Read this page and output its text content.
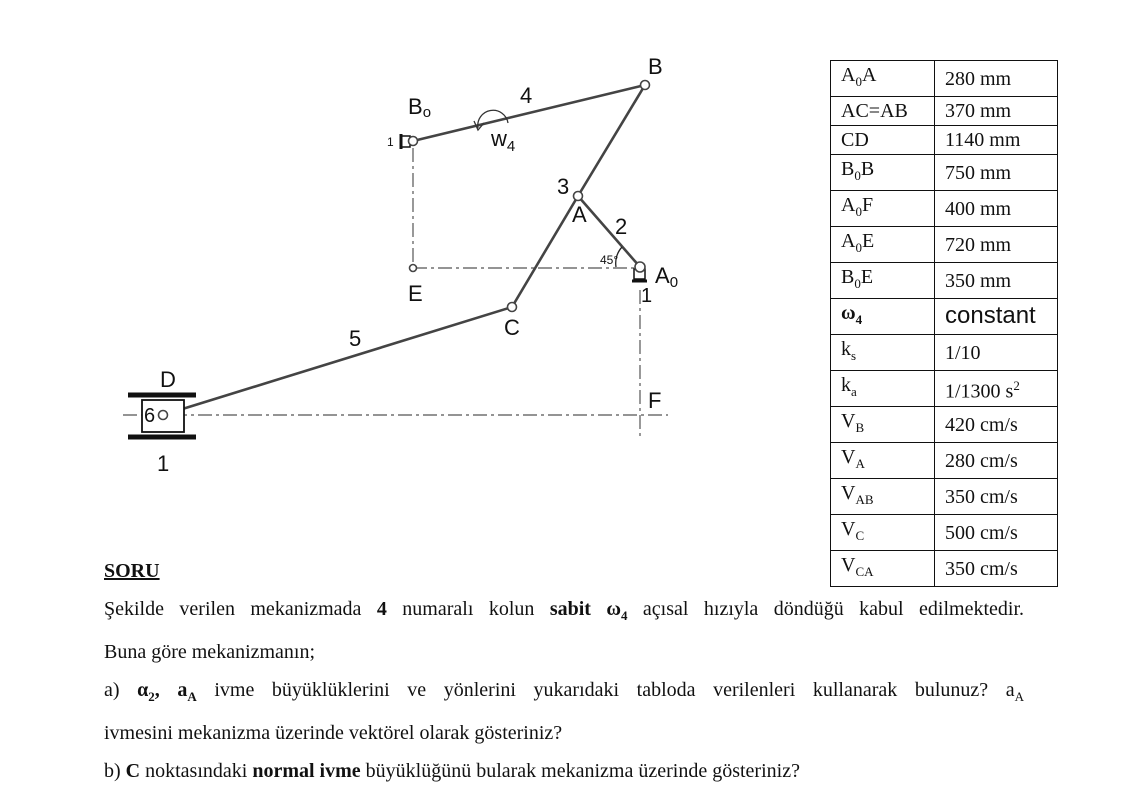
B
Bo
4
$w_4$
1
3
A 2
45°
A0
1
E
C
5
D
6
1
F
$A_0A$	280 mm
AC=AB	370 mm
CD	1140 mm
$B_0B$	750 mm
$A_0F$	400 mm
$A_0E$	720 mm
$B_0E$	350 mm
$\omega_4$	constant
$k_s$	1/10
$k_a$	1/1300 $s^2$
$V_B$	420 cm/s
$V_A$	280 cm/s
$V_{AB}$	350 cm/s
$V_C$	500 cm/s
$V_{CA}$	350 cm/s

SORU

Şekilde verilen mekanizmada 4 numaralı kolun sabit $\omega_4$ açısal hızıyla döndüğü kabul edilmektedir.

Buna göre mekanizmanın;

a) $\alpha_2$, $a_A$ ivme büyüklüklerini ve yönlerini yukarıdaki tabloda verilenleri kullanarak bulunuz? $a_A$

ivmesini mekanizma üzerinde vektörel olarak gösteriniz?

b) C noktasındaki normal ivme büyüklüğünü bularak mekanizma üzerinde gösteriniz?
